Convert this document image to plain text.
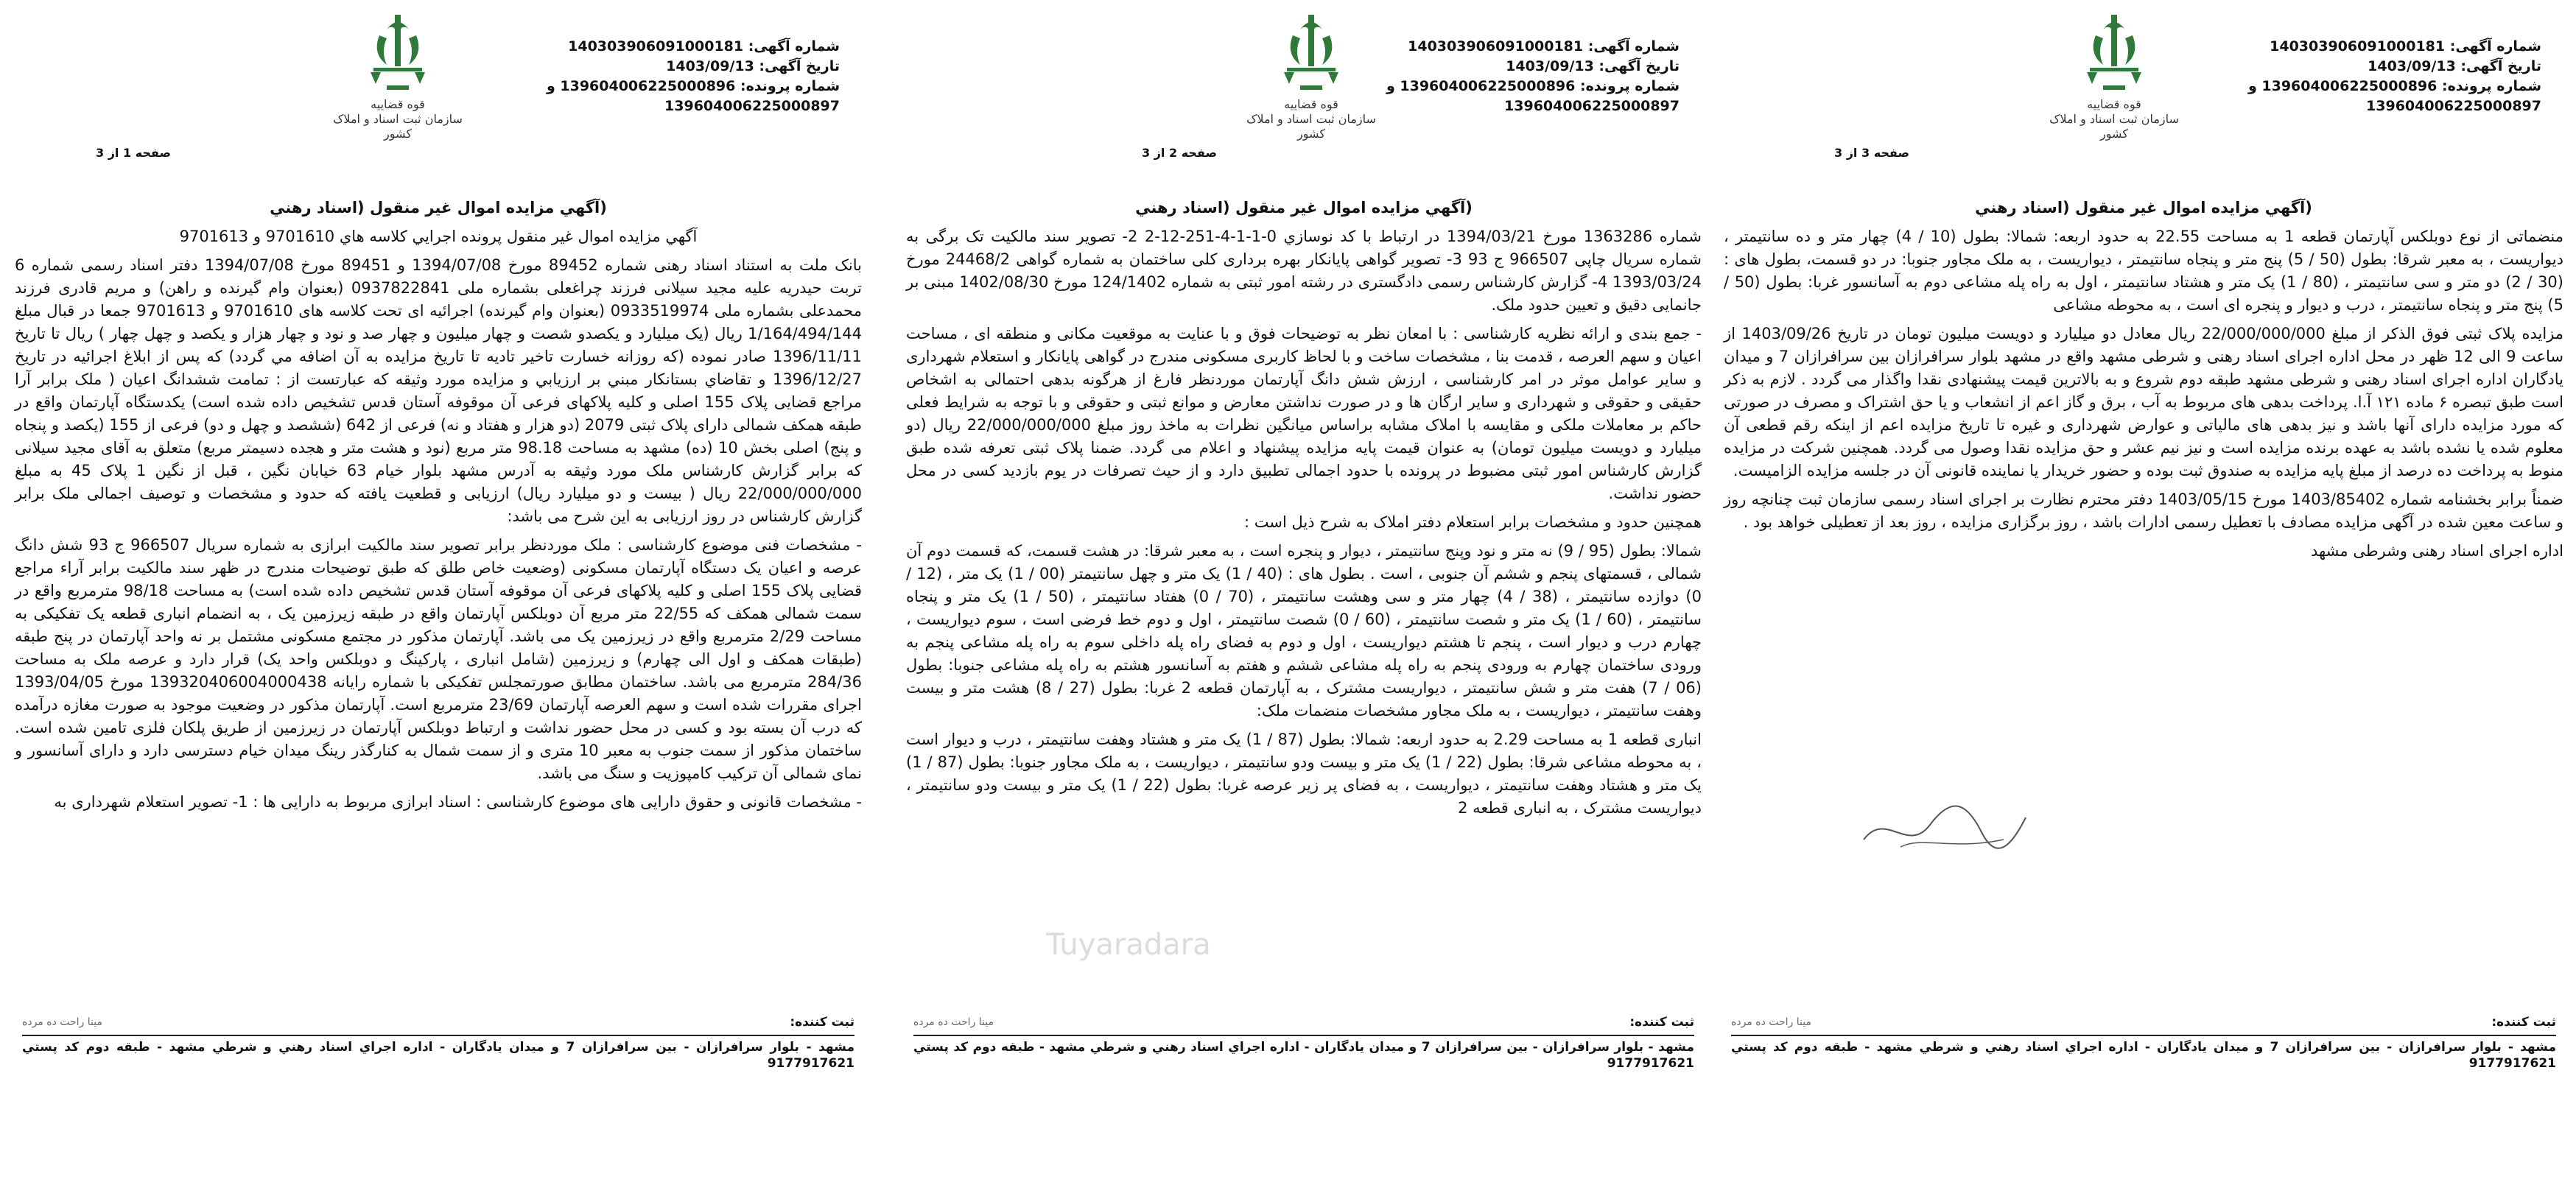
شماره آگهی: 140303906091000181
تاریخ آگهی: 1403/09/13
شماره پرونده: 139604006225000896 و
139604006225000897
قوه قضاییه
سازمان ثبت اسناد و املاک کشور
صفحه 1 از 3
(آگهي مزايده اموال غير منقول (اسناد رهني

آگهي مزايده اموال غير منقول پرونده اجرايي كلاسه هاي 9701610 و 9701613

بانک ملت به استناد اسناد رهنی شماره 89452 مورخ 1394/07/08 و 89451 مورخ 1394/07/08 دفتر اسناد رسمی شماره 6 تربت حیدریه علیه مجید سیلانی فرزند چراغعلی بشماره ملی 0937822841 (بعنوان وام گیرنده و راهن) و مریم قادری فرزند محمدعلی بشماره ملی 0933519974 (بعنوان وام گیرنده) اجرائیه ای تحت کلاسه های 9701610 و 9701613 جمعا در قبال مبلغ 1/164/494/144 ریال (یک میلیارد و یکصدو شصت و چهار میلیون و چهار صد و نود و چهار هزار و یکصد و چهل چهار ) ریال تا تاریخ 1396/11/11 صادر نموده (که روزانه خسارت تاخير تاديه تا تاريخ مزايده به آن اضافه مي گردد) كه پس از ابلاغ اجرائيه در تاريخ 1396/12/27 و تقاضاي بستانكار مبني بر ارزيابي و مزايده مورد وثيقه كه عبارتست از : تمامت ششدانگ اعيان ( ملک برابر آرا مراجع قضایی پلاک 155 اصلی و کلیه پلاکهای فرعی آن موقوفه آستان قدس تشخیص داده شده است) یکدستگاه آپارتمان واقع در طبقه همکف شمالی دارای پلاک ثبتی 2079 (دو هزار و هفتاد و نه) فرعی از 642 (ششصد و چهل و دو) فرعی از 155 (یکصد و پنجاه و پنج) اصلی بخش 10 (ده) مشهد به مساحت 98.18 متر مربع (نود و هشت متر و هجده دسیمتر مربع) متعلق به آقای مجید سیلانی که برابر گزارش کارشناس ملک مورد وثيقه به آدرس مشهد بلوار خيام 63 خيابان نگين ، قبل از نگين 1 پلاک 45 به مبلغ 22/000/000/000 ريال ( بيست و دو ميليارد ريال) ارزيابی و قطعيت يافته كه حدود و مشخصات و توصيف اجمالی ملک برابر گزارش كارشناس در روز ارزيابی به اين شرح می باشد:

- مشخصات فنی موضوع کارشناسی : ملک موردنظر برابر تصویر سند مالکیت ابرازی به شماره سریال 966507 ج 93 شش دانگ عرصه و اعیان یک دستگاه آپارتمان مسکونی (وضعیت خاص طلق که طبق توضیحات مندرج در ظهر سند مالکیت برابر آراء مراجع قضایی پلاک 155 اصلی و کلیه پلاکهای فرعی آن موقوفه آستان قدس تشخیص داده شده است) به مساحت 98/18 مترمربع واقع در سمت شمالی همکف که 22/55 متر مربع آن دوبلکس آپارتمان واقع در طبقه زیرزمین یک ، به انضمام انباری قطعه یک تفکیکی به مساحت 2/29 مترمربع واقع در زیرزمین یک می باشد. آپارتمان مذکور در مجتمع مسکونی مشتمل بر نه واحد آپارتمان در پنج طبقه (طبقات همکف و اول الی چهارم) و زیرزمین (شامل انباری ، پارکینگ و دوبلکس واحد یک) قرار دارد و عرصه ملک به مساحت 284/36 مترمربع می باشد. ساختمان مطابق صورتمجلس تفکیکی با شماره رایانه 139320406004000438 مورخ 1393/04/05 اجرای مقررات شده است و سهم العرصه آپارتمان 23/69 مترمربع است. آپارتمان مذکور در وضعیت موجود به صورت مغازه درآمده که درب آن بسته بود و کسی در محل حضور نداشت و ارتباط دوبلکس آپارتمان در زیرزمین از طریق پلکان فلزی تامین شده است. ساختمان مذکور از سمت جنوب به معبر 10 متری و از سمت شمال به کنارگذر رینگ میدان خیام دسترسی دارد و دارای آسانسور و نمای شمالی آن ترکیب کامپوزیت و سنگ می باشد.

- مشخصات قانونی و حقوق دارایی های موضوع کارشناسی : اسناد ابرازی مربوط به دارایی ها : 1- تصویر استعلام شهرداری به

ثبت کننده:
مینا راحت ده مرده
مشهد - بلوار سرافرازان - بين سرافرازان 7 و ميدان يادگاران - اداره اجراي اسناد رهني و شرطي مشهد - طبقه دوم كد پستي 9177917621
شماره آگهی: 140303906091000181
تاریخ آگهی: 1403/09/13
شماره پرونده: 139604006225000896 و
139604006225000897
قوه قضاییه
سازمان ثبت اسناد و املاک کشور
صفحه 2 از 3
(آگهي مزايده اموال غير منقول (اسناد رهني

شماره 1363286 مورخ 1394/03/21 در ارتباط با كد نوسازي 0-1-1-4-251-12-2 2- تصوير سند مالكيت تک برگی به شماره سریال چاپی 966507 ج 93 3- تصویر گواهی پایانکار بهره برداری کلی ساختمان به شماره گواهی 24468/2 مورخ 1393/03/24 4- گزارش کارشناس رسمی دادگستری در رشته امور ثبتی به شماره 124/1402 مورخ 1402/08/30 مبنی بر جانمایی دقیق و تعیین حدود ملک.

- جمع بندی و ارائه نظریه کارشناسی : با امعان نظر به توضیحات فوق و با عنایت به موقعیت مکانی و منطقه ای ، مساحت اعیان و سهم العرصه ، قدمت بنا ، مشخصات ساخت و با لحاظ کاربری مسکونی مندرج در گواهی پایانکار و استعلام شهرداری و سایر عوامل موثر در امر کارشناسی ، ارزش شش دانگ آپارتمان موردنظر فارغ از هرگونه بدهی احتمالی به اشخاص حقیقی و حقوقی و شهرداری و سایر ارگان ها و در صورت نداشتن معارض و موانع ثبتی و حقوقی و با توجه به شرایط فعلی حاکم بر معاملات ملکی و مقایسه با املاک مشابه براساس میانگین نظرات به ماخذ روز مبلغ 22/000/000/000 ریال (دو میلیارد و دویست میلیون تومان) به عنوان قیمت پایه مزایده پیشنهاد و اعلام می گردد. ضمنا پلاک ثبتی تعرفه شده طبق گزارش کارشناس امور ثبتی مضبوط در پرونده با حدود اجمالی تطبیق دارد و از حیث تصرفات در یوم بازدید کسی در محل حضور نداشت.

همچنين حدود و مشخصات برابر استعلام دفتر املاک به شرح ذيل است :

شمالا: بطول (95 / 9) نه متر و نود وپنج سانتیمتر ، دیوار و پنجره است ، به معبر شرقا: در هشت قسمت، که قسمت دوم آن شمالی ، قسمتهای پنجم و ششم آن جنوبی ، است . بطول های : (40 / 1) یک متر و چهل سانتیمتر (00 / 1) یک متر ، (12 / 0) دوازده سانتیمتر ، (38 / 4) چهار متر و سی وهشت سانتیمتر ، (70 / 0) هفتاد سانتیمتر ، (50 / 1) یک متر و پنجاه سانتیمتر ، (60 / 1) یک متر و شصت سانتیمتر ، (60 / 0) شصت سانتیمتر ، اول و دوم خط فرضی است ، سوم دیواریست ، چهارم درب و دیوار است ، پنجم تا هشتم دیواریست ، اول و دوم به فضای راه پله داخلی سوم به راه پله مشاعی پنجم به ورودی ساختمان چهارم به ورودی پنجم به راه پله مشاعی ششم و هفتم به آسانسور هشتم به راه پله مشاعی جنوبا: بطول (06 / 7) هفت متر و شش سانتیمتر ، دیواریست مشترک ، به آپارتمان قطعه 2 غربا: بطول (27 / 8) هشت متر و بیست وهفت سانتیمتر ، دیواریست ، به ملک مجاور مشخصات منضمات ملک:

انباری قطعه 1 به مساحت 2.29 به حدود اربعه: شمالا: بطول (87 / 1) یک متر و هشتاد وهفت سانتیمتر ، درب و دیوار است ، به محوطه مشاعی شرقا: بطول (22 / 1) یک متر و بیست ودو سانتیمتر ، دیواریست ، به ملک مجاور جنوبا: بطول (87 / 1) یک متر و هشتاد وهفت سانتیمتر ، دیواریست ، به فضای پر زیر عرصه غربا: بطول (22 / 1) یک متر و بیست ودو سانتیمتر ، دیواریست مشترک ، به انباری قطعه 2

ثبت کننده:
مینا راحت ده مرده
مشهد - بلوار سرافرازان - بين سرافرازان 7 و ميدان يادگاران - اداره اجراي اسناد رهني و شرطي مشهد - طبقه دوم كد پستي 9177917621
شماره آگهی: 140303906091000181
تاریخ آگهی: 1403/09/13
شماره پرونده: 139604006225000896 و
139604006225000897
قوه قضاییه
سازمان ثبت اسناد و املاک کشور
صفحه 3 از 3
(آگهي مزايده اموال غير منقول (اسناد رهني

منضماتی از نوع دوبلکس آپارتمان قطعه 1 به مساحت 22.55 به حدود اربعه: شمالا: بطول (10 / 4) چهار متر و ده سانتیمتر ، دیواریست ، به معبر شرقا: بطول (50 / 5) پنج متر و پنجاه سانتیمتر ، دیواریست ، به ملک مجاور جنوبا: در دو قسمت، بطول های : (30 / 2) دو متر و سی سانتیمتر ، (80 / 1) یک متر و هشتاد سانتیمتر ، اول به راه پله مشاعی دوم به آسانسور غربا: بطول (50 / 5) پنج متر و پنجاه سانتیمتر ، درب و دیوار و پنجره ای است ، به محوطه مشاعی

مزایده پلاک ثبتی فوق الذکر از مبلغ 22/000/000/000 ریال معادل دو میلیارد و دویست میلیون تومان در تاریخ 1403/09/26 از ساعت 9 الی 12 ظهر در محل اداره اجرای اسناد رهنی و شرطی مشهد واقع در مشهد بلوار سرافرازان بین سرافرازان 7 و میدان یادگاران اداره اجرای اسناد رهنی و شرطی مشهد طبقه دوم شروع و به بالاترین قیمت پیشنهادی نقدا واگذار می گردد . لازم به ذکر است طبق تبصره ۶ ماده ۱۲۱ آ.ا. پرداخت بدهی های مربوط به آب ، برق و گاز اعم از انشعاب و یا حق اشتراک و مصرف در صورتی که مورد مزایده دارای آنها باشد و نیز بدهی های مالیاتی و عوارض شهرداری و غیره تا تاریخ مزایده اعم از اینکه رقم قطعی آن معلوم شده یا نشده باشد به عهده برنده مزایده است و نیز نیم عشر و حق مزایده نقدا وصول می گردد. همچنین شرکت در مزایده منوط به پرداخت ده درصد از مبلغ پایه مزایده به صندوق ثبت بوده و حضور خریدار یا نماینده قانونی آن در جلسه مزایده الزامیست.

ضمناً برابر بخشنامه شماره 1403/85402 مورخ 1403/05/15 دفتر محترم نظارت بر اجرای اسناد رسمی سازمان ثبت چنانچه روز و ساعت معین شده در آگهی مزایده مصادف با تعطیل رسمی ادارات باشد ، روز برگزاری مزایده ، روز بعد از تعطیلی خواهد بود .

اداره اجرای اسناد رهنی وشرطی مشهد

ثبت کننده:
مینا راحت ده مرده
مشهد - بلوار سرافرازان - بين سرافرازان 7 و ميدان يادگاران - اداره اجراي اسناد رهني و شرطي مشهد - طبقه دوم كد پستي 9177917621
Tuyaradara
